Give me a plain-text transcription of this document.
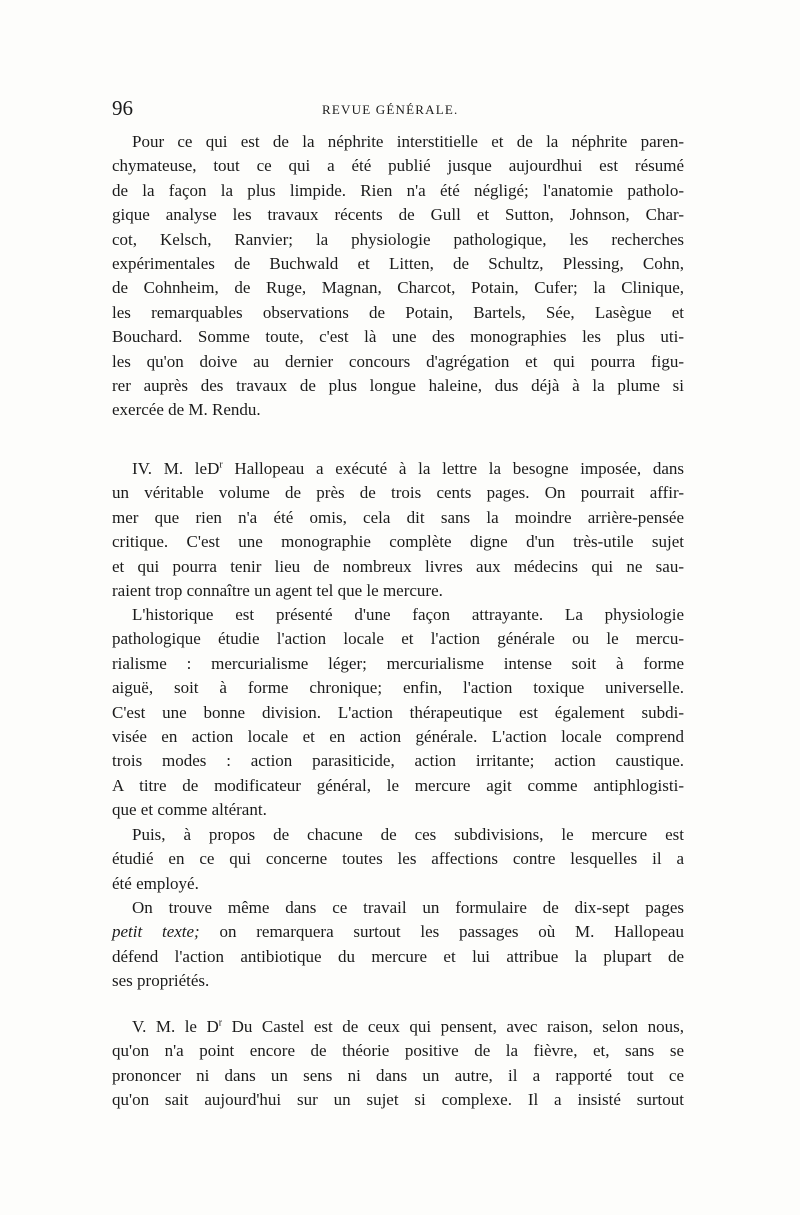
96	REVUE GÉNÉRALE.
Pour ce qui est de la néphrite interstitielle et de la néphrite paren-
chymateuse, tout ce qui a été publié jusque aujourdhui est résumé
de la façon la plus limpide. Rien n'a été négligé; l'anatomie patholo-
gique analyse les travaux récents de Gull et Sutton, Johnson, Char-
cot, Kelsch, Ranvier; la physiologie pathologique, les recherches
expérimentales de Buchwald et Litten, de Schultz, Plessing, Cohn,
de Cohnheim, de Ruge, Magnan, Charcot, Potain, Cufer; la Clinique,
les remarquables observations de Potain, Bartels, Sée, Lasègue et
Bouchard. Somme toute, c'est là une des monographies les plus uti-
les qu'on doive au dernier concours d'agrégation et qui pourra figu-
rer auprès des travaux de plus longue haleine, dus déjà à la plume si
exercée de M. Rendu.
IV. M. leD$^r$ Hallopeau a exécuté à la lettre la besogne imposée, dans
un véritable volume de près de trois cents pages. On pourrait affir-
mer que rien n'a été omis, cela dit sans la moindre arrière-pensée
critique. C'est une monographie complète digne d'un très-utile sujet
et qui pourra tenir lieu de nombreux livres aux médecins qui ne sau-
raient trop connaître un agent tel que le mercure.
L'historique est présenté d'une façon attrayante. La physiologie
pathologique étudie l'action locale et l'action générale ou le mercu-
rialisme : mercurialisme léger; mercurialisme intense soit à forme
aiguë, soit à forme chronique; enfin, l'action toxique universelle.
C'est une bonne division. L'action thérapeutique est également subdi-
visée en action locale et en action générale. L'action locale comprend
trois modes : action parasiticide, action irritante; action caustique.
A titre de modificateur général, le mercure agit comme antiphlogisti-
que et comme altérant.
Puis, à propos de chacune de ces subdivisions, le mercure est
étudié en ce qui concerne toutes les affections contre lesquelles il a
été employé.
On trouve même dans ce travail un formulaire de dix-sept pages
petit texte; on remarquera surtout les passages où M. Hallopeau
défend l'action antibiotique du mercure et lui attribue la plupart de
ses propriétés.
V. M. le $D^r$ Du Castel est de ceux qui pensent, avec raison, selon nous,
qu'on n'a point encore de théorie positive de la fièvre, et, sans se
prononcer ni dans un sens ni dans un autre, il a rapporté tout ce
qu'on sait aujourd'hui sur un sujet si complexe. Il a insisté surtout
